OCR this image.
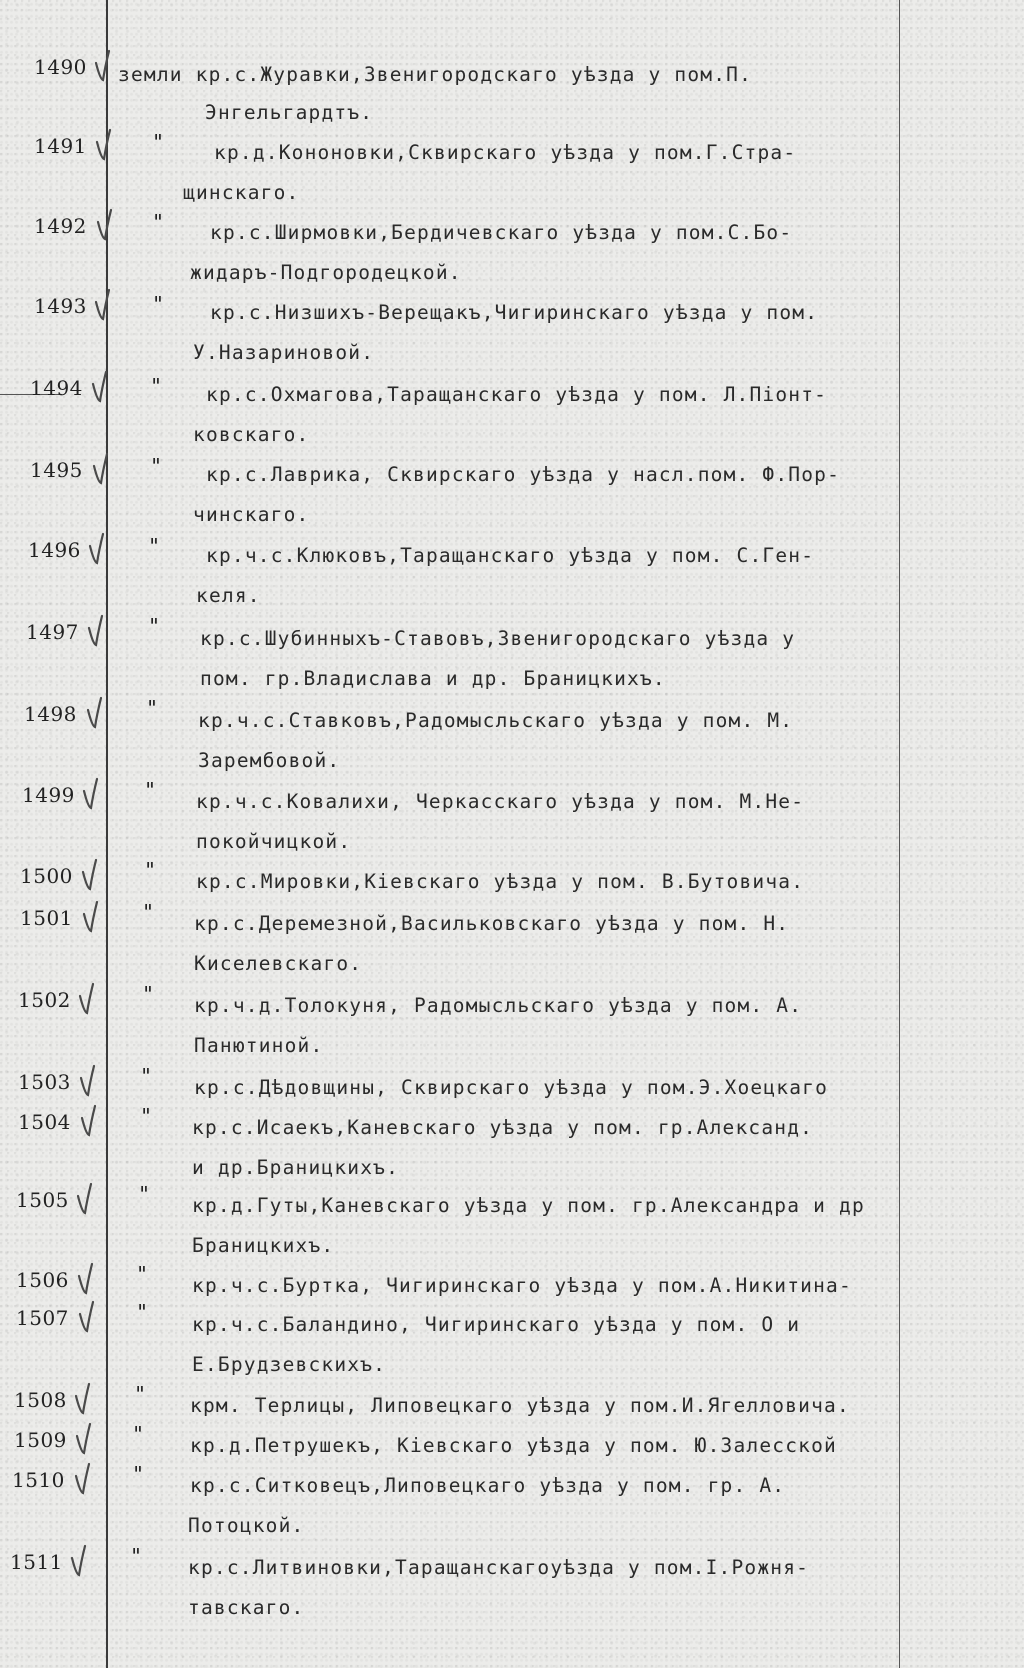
1490 земли кр.с.Журавки,Звенигородскаго уѣзда у пом.П.
Энгельгардтъ.
1491	"	кр.д.Кононовки,Сквирскаго уѣзда у пом.Г.Стра-
щинскаго.
1492	" кр.с.Ширмовки,Бердичевскаго уѣзда у пом.С.Бо-
жидаръ-Подгородецкой.
1493	" кр.с.Низшихъ-Верещакъ,Чигиринскаго уѣзда у пом.
У.Назариновой.
1494	" кр.с.Охмагова,Таращанскаго уѣзда у пом. Л.Піонт-
ковскаго.
1495	" кр.с.Лаврика, Сквирскаго уѣзда у насл.пом. Ф.Пор-
чинскаго.
1496	" кр.ч.с.Клюковъ,Таращанскаго уѣзда у пом. С.Ген-
келя.
1497	"
кр.с.Шубинныхъ-Ставовъ,Звенигородскаго уѣзда у
пом. гр.Владислава и др. Браницкихъ.
1498	"
кр.ч.с.Ставковъ,Радомысльскаго уѣзда у пом. М.
Зарембовой.
1499	" кр.ч.с.Ковалихи, Черкасскаго уѣзда у пом. М.Не-
покойчицкой.
1500	" кр.с.Мировки,Кіевскаго уѣзда у пом. В.Бутовича.
1501	" кр.с.Деремезной,Васильковскаго уѣзда у пом. Н.
Киселевскаго.
1502	" кр.ч.д.Толокуня, Радомысльскаго уѣзда у пом. А.
Панютиной.
1503	" кр.с.Дѣдовщины, Сквирскаго уѣзда у пом.Э.Хоецкаго
1504	" кр.с.Исаекъ,Каневскаго уѣзда у пом. гр.Александ.
и др.Браницкихъ.
1505	" кр.д.Гуты,Каневскаго уѣзда у пом. гр.Александра и др
Браницкихъ.
1506	" кр.ч.с.Буртка, Чигиринскаго уѣзда у пом.А.Никитина-
1507	"
кр.ч.с.Баландино, Чигиринскаго уѣзда у пом. О и
Е.Брудзевскихъ.
1508	" крм. Терлицы, Липовецкаго уѣзда у пом.И.Ягелловича.
1509	" кр.д.Петрушекъ, Кіевскаго уѣзда у пом. Ю.Залесской
1510	" кр.с.Ситковецъ,Липовецкаго уѣзда у пом. гр. А.
Потоцкой.
1511	" кр.с.Литвиновки,Таращанскагоуѣзда у пом.І.Рожня-
тавскаго.
